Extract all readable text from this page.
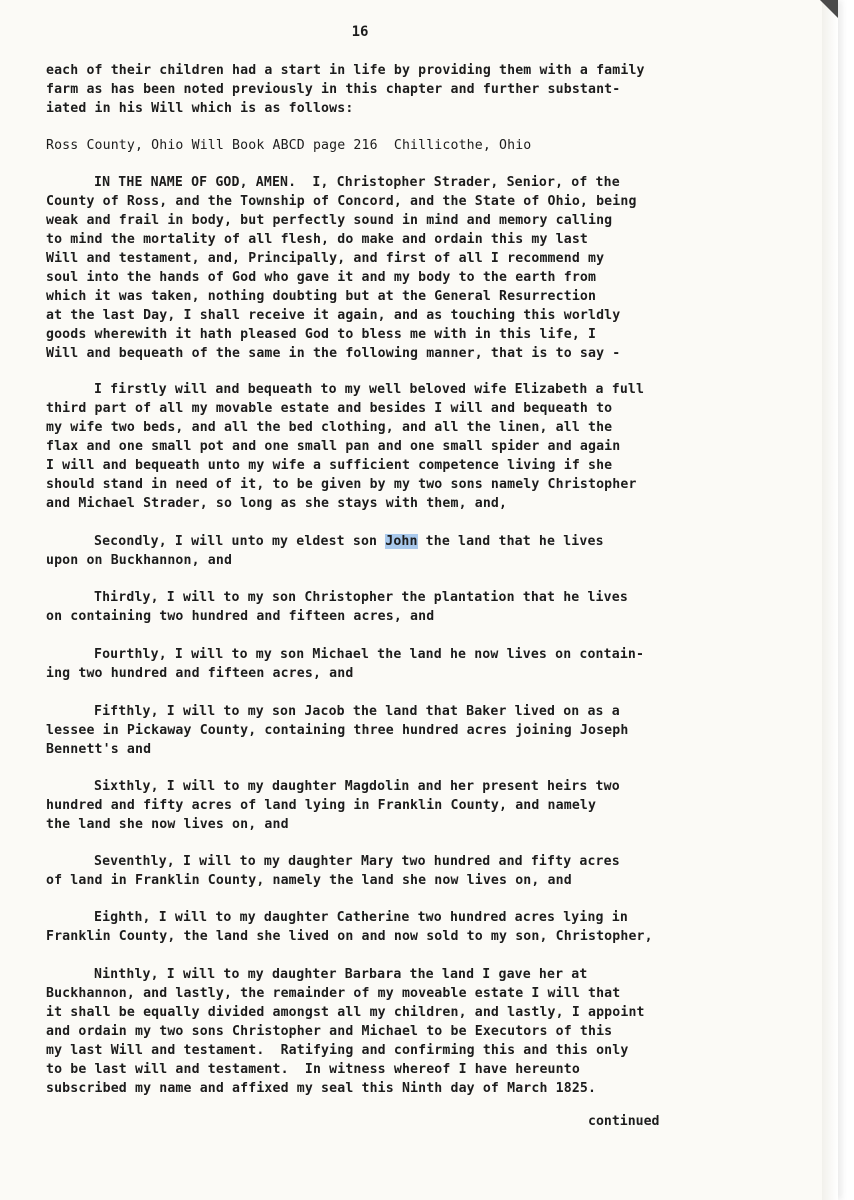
16
each of their children had a start in life by providing them with a family
farm as has been noted previously in this chapter and further substant-
iated in his Will which is as follows:
Ross County, Ohio Will Book ABCD page 216  Chillicothe, Ohio
IN THE NAME OF GOD, AMEN.  I, Christopher Strader, Senior, of the
County of Ross, and the Township of Concord, and the State of Ohio, being
weak and frail in body, but perfectly sound in mind and memory calling
to mind the mortality of all flesh, do make and ordain this my last
Will and testament, and, Principally, and first of all I recommend my
soul into the hands of God who gave it and my body to the earth from
which it was taken, nothing doubting but at the General Resurrection
at the last Day, I shall receive it again, and as touching this worldly
goods wherewith it hath pleased God to bless me with in this life, I
Will and bequeath of the same in the following manner, that is to say -
I firstly will and bequeath to my well beloved wife Elizabeth a full
third part of all my movable estate and besides I will and bequeath to
my wife two beds, and all the bed clothing, and all the linen, all the
flax and one small pot and one small pan and one small spider and again
I will and bequeath unto my wife a sufficient competence living if she
should stand in need of it, to be given by my two sons namely Christopher
and Michael Strader, so long as she stays with them, and,
Secondly, I will unto my eldest son John the land that he lives
upon on Buckhannon, and
Thirdly, I will to my son Christopher the plantation that he lives
on containing two hundred and fifteen acres, and
Fourthly, I will to my son Michael the land he now lives on contain-
ing two hundred and fifteen acres, and
Fifthly, I will to my son Jacob the land that Baker lived on as a
lessee in Pickaway County, containing three hundred acres joining Joseph
Bennett's and
Sixthly, I will to my daughter Magdolin and her present heirs two
hundred and fifty acres of land lying in Franklin County, and namely
the land she now lives on, and
Seventhly, I will to my daughter Mary two hundred and fifty acres
of land in Franklin County, namely the land she now lives on, and
Eighth, I will to my daughter Catherine two hundred acres lying in
Franklin County, the land she lived on and now sold to my son, Christopher,
Ninthly, I will to my daughter Barbara the land I gave her at
Buckhannon, and lastly, the remainder of my moveable estate I will that
it shall be equally divided amongst all my children, and lastly, I appoint
and ordain my two sons Christopher and Michael to be Executors of this
my last Will and testament.  Ratifying and confirming this and this only
to be last will and testament.  In witness whereof I have hereunto
subscribed my name and affixed my seal this Ninth day of March 1825.
continued
